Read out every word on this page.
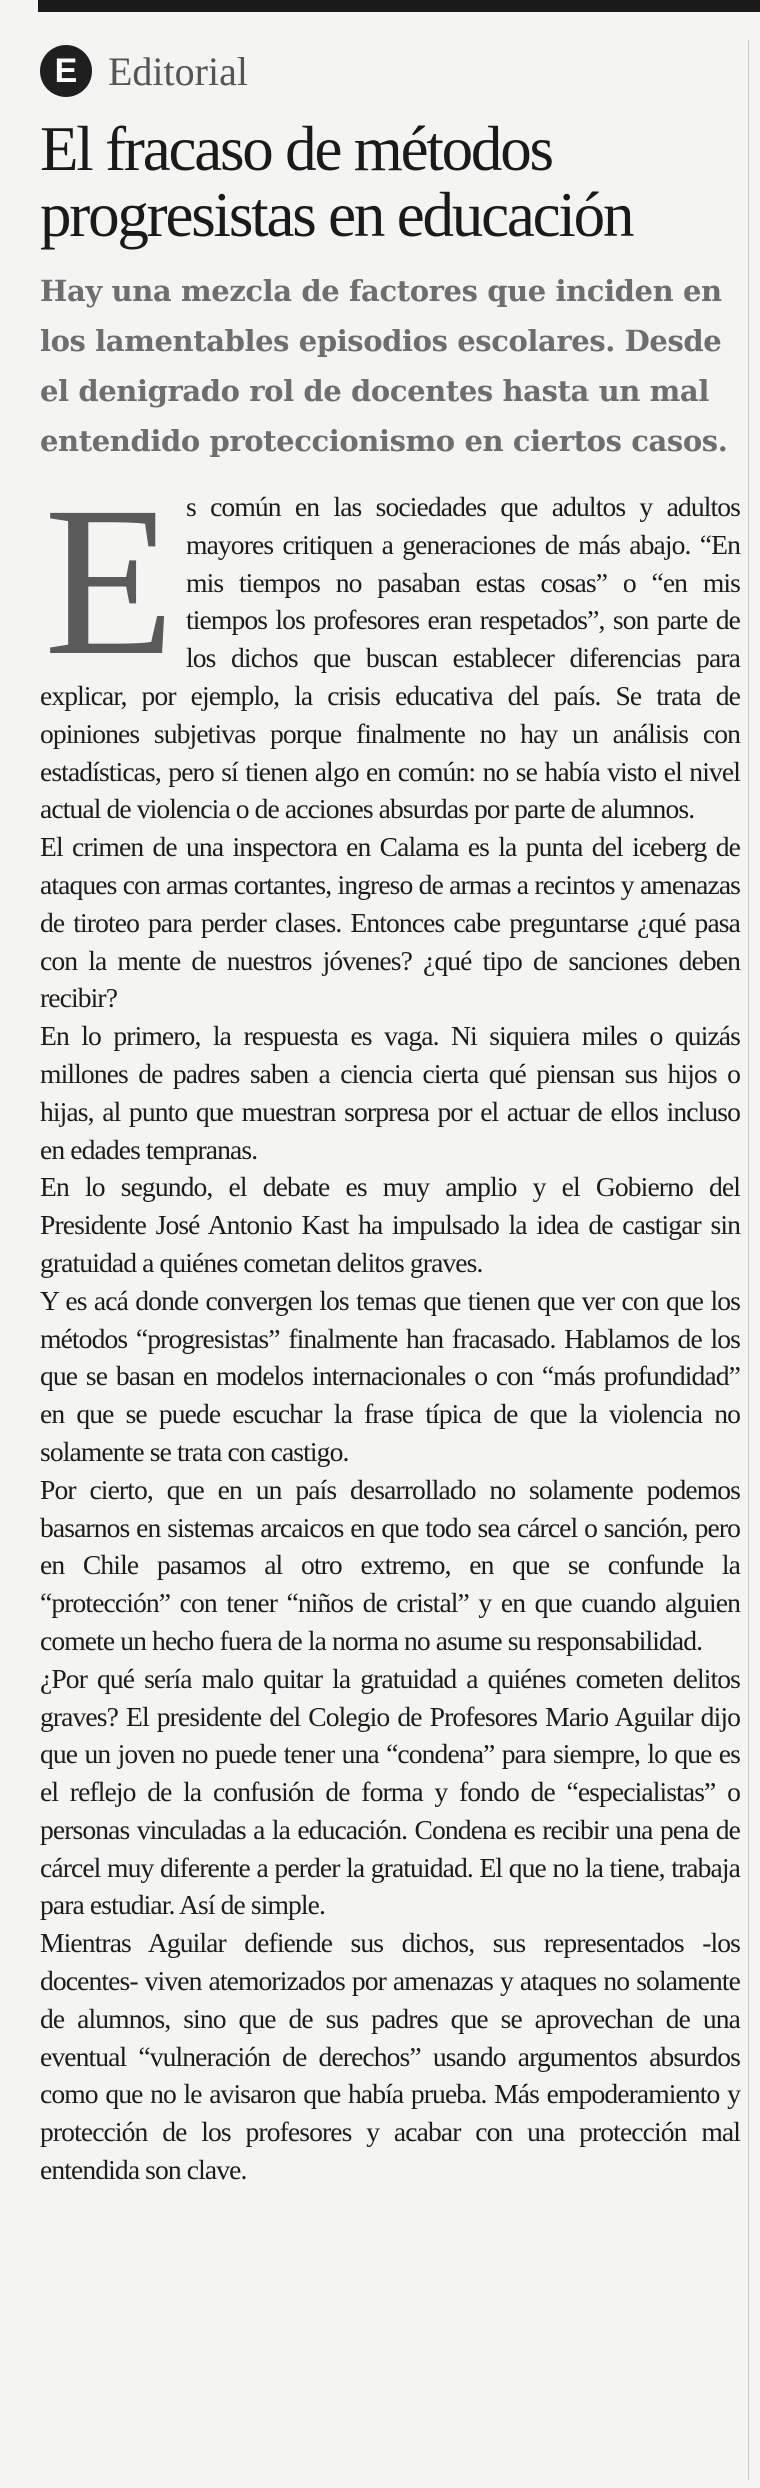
E Editorial
El fracaso de métodos progresistas en educación
Hay una mezcla de factores que inciden en los lamentables episodios escolares. Desde el denigrado rol de docentes hasta un mal entendido proteccionismo en ciertos casos.

Es común en las sociedades que adultos y adultos mayores critiquen a generaciones de más abajo. “En mis tiempos no pasaban estas cosas” o “en mis tiempos los profesores eran respetados”, son parte de los dichos que buscan establecer diferencias para explicar, por ejemplo, la crisis educativa del país. Se trata de opiniones subjetivas porque finalmente no hay un análisis con estadísticas, pero sí tienen algo en común: no se había visto el nivel actual de violencia o de acciones absurdas por parte de alumnos.

El crimen de una inspectora en Calama es la punta del iceberg de ataques con armas cortantes, ingreso de armas a recintos y amenazas de tiroteo para perder clases. Entonces cabe preguntarse ¿qué pasa con la mente de nuestros jóvenes? ¿qué tipo de sanciones deben recibir?

En lo primero, la respuesta es vaga. Ni siquiera miles o quizás millones de padres saben a ciencia cierta qué piensan sus hijos o hijas, al punto que muestran sorpresa por el actuar de ellos incluso en edades tempranas.

En lo segundo, el debate es muy amplio y el Gobierno del Presidente José Antonio Kast ha impulsado la idea de castigar sin gratuidad a quiénes cometan delitos graves.

Y es acá donde convergen los temas que tienen que ver con que los métodos “progresistas” finalmente han fracasado. Hablamos de los que se basan en modelos internacionales o con “más profundidad” en que se puede escuchar la frase típica de que la violencia no solamente se trata con castigo.

Por cierto, que en un país desarrollado no solamente podemos basarnos en sistemas arcaicos en que todo sea cárcel o sanción, pero en Chile pasamos al otro extremo, en que se confunde la “protección” con tener “niños de cristal” y en que cuando alguien comete un hecho fuera de la norma no asume su responsabilidad.

¿Por qué sería malo quitar la gratuidad a quiénes cometen delitos graves? El presidente del Colegio de Profesores Mario Aguilar dijo que un joven no puede tener una “condena” para siempre, lo que es el reflejo de la confusión de forma y fondo de “especialistas” o personas vinculadas a la educación. Condena es recibir una pena de cárcel muy diferente a perder la gratuidad. El que no la tiene, trabaja para estudiar. Así de simple.

Mientras Aguilar defiende sus dichos, sus representados -los docentes- viven atemorizados por amenazas y ataques no solamente de alumnos, sino que de sus padres que se aprovechan de una eventual “vulneración de derechos” usando argumentos absurdos como que no le avisaron que había prueba. Más empoderamiento y protección de los profesores y acabar con una protección mal entendida son clave.
